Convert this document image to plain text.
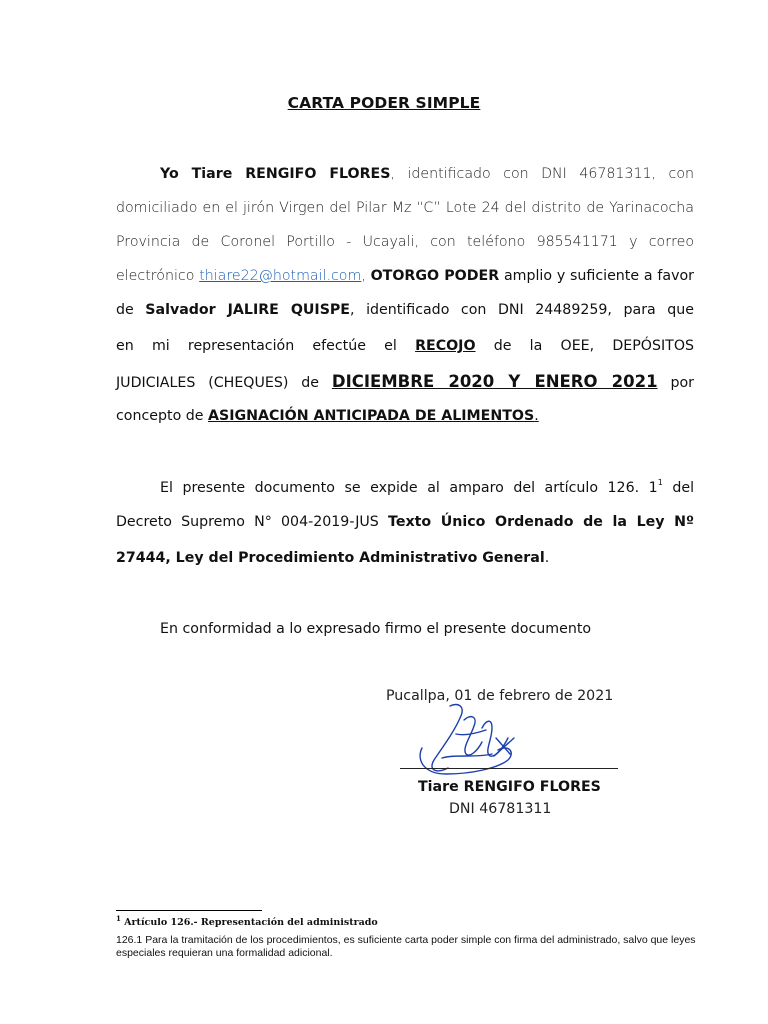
CARTA PODER SIMPLE
Yo Tiare RENGIFO FLORES, identificado con DNI 46781311, con
domiciliado en el jirón Virgen del Pilar Mz “C” Lote 24 del distrito de Yarinacocha
Provincia de Coronel Portillo - Ucayali, con teléfono 985541171 y correo
electrónico thiare22@hotmail.com, OTORGO PODER amplio y suficiente a favor
de Salvador JALIRE QUISPE, identificado con DNI 24489259, para que
en mi representación efectúe el RECOJO de la OEE, DEPÓSITOS
JUDICIALES (CHEQUES) de DICIEMBRE 2020 Y ENERO 2021 por
concepto de ASIGNACIÓN ANTICIPADA DE ALIMENTOS.
El presente documento se expide al amparo del artículo 126. $1^1$ del
Decreto Supremo N° 004-2019-JUS Texto Único Ordenado de la Ley Nº
27444, Ley del Procedimiento Administrativo General.
En conformidad a lo expresado firmo el presente documento
Pucallpa, 01 de febrero de 2021
Tiare RENGIFO FLORES
DNI 46781311
$^1$ Artículo 126.- Representación del administrado
126.1 Para la tramitación de los procedimientos, es suficiente carta poder simple con firma del administrado, salvo que leyes especiales requieran una formalidad adicional.
